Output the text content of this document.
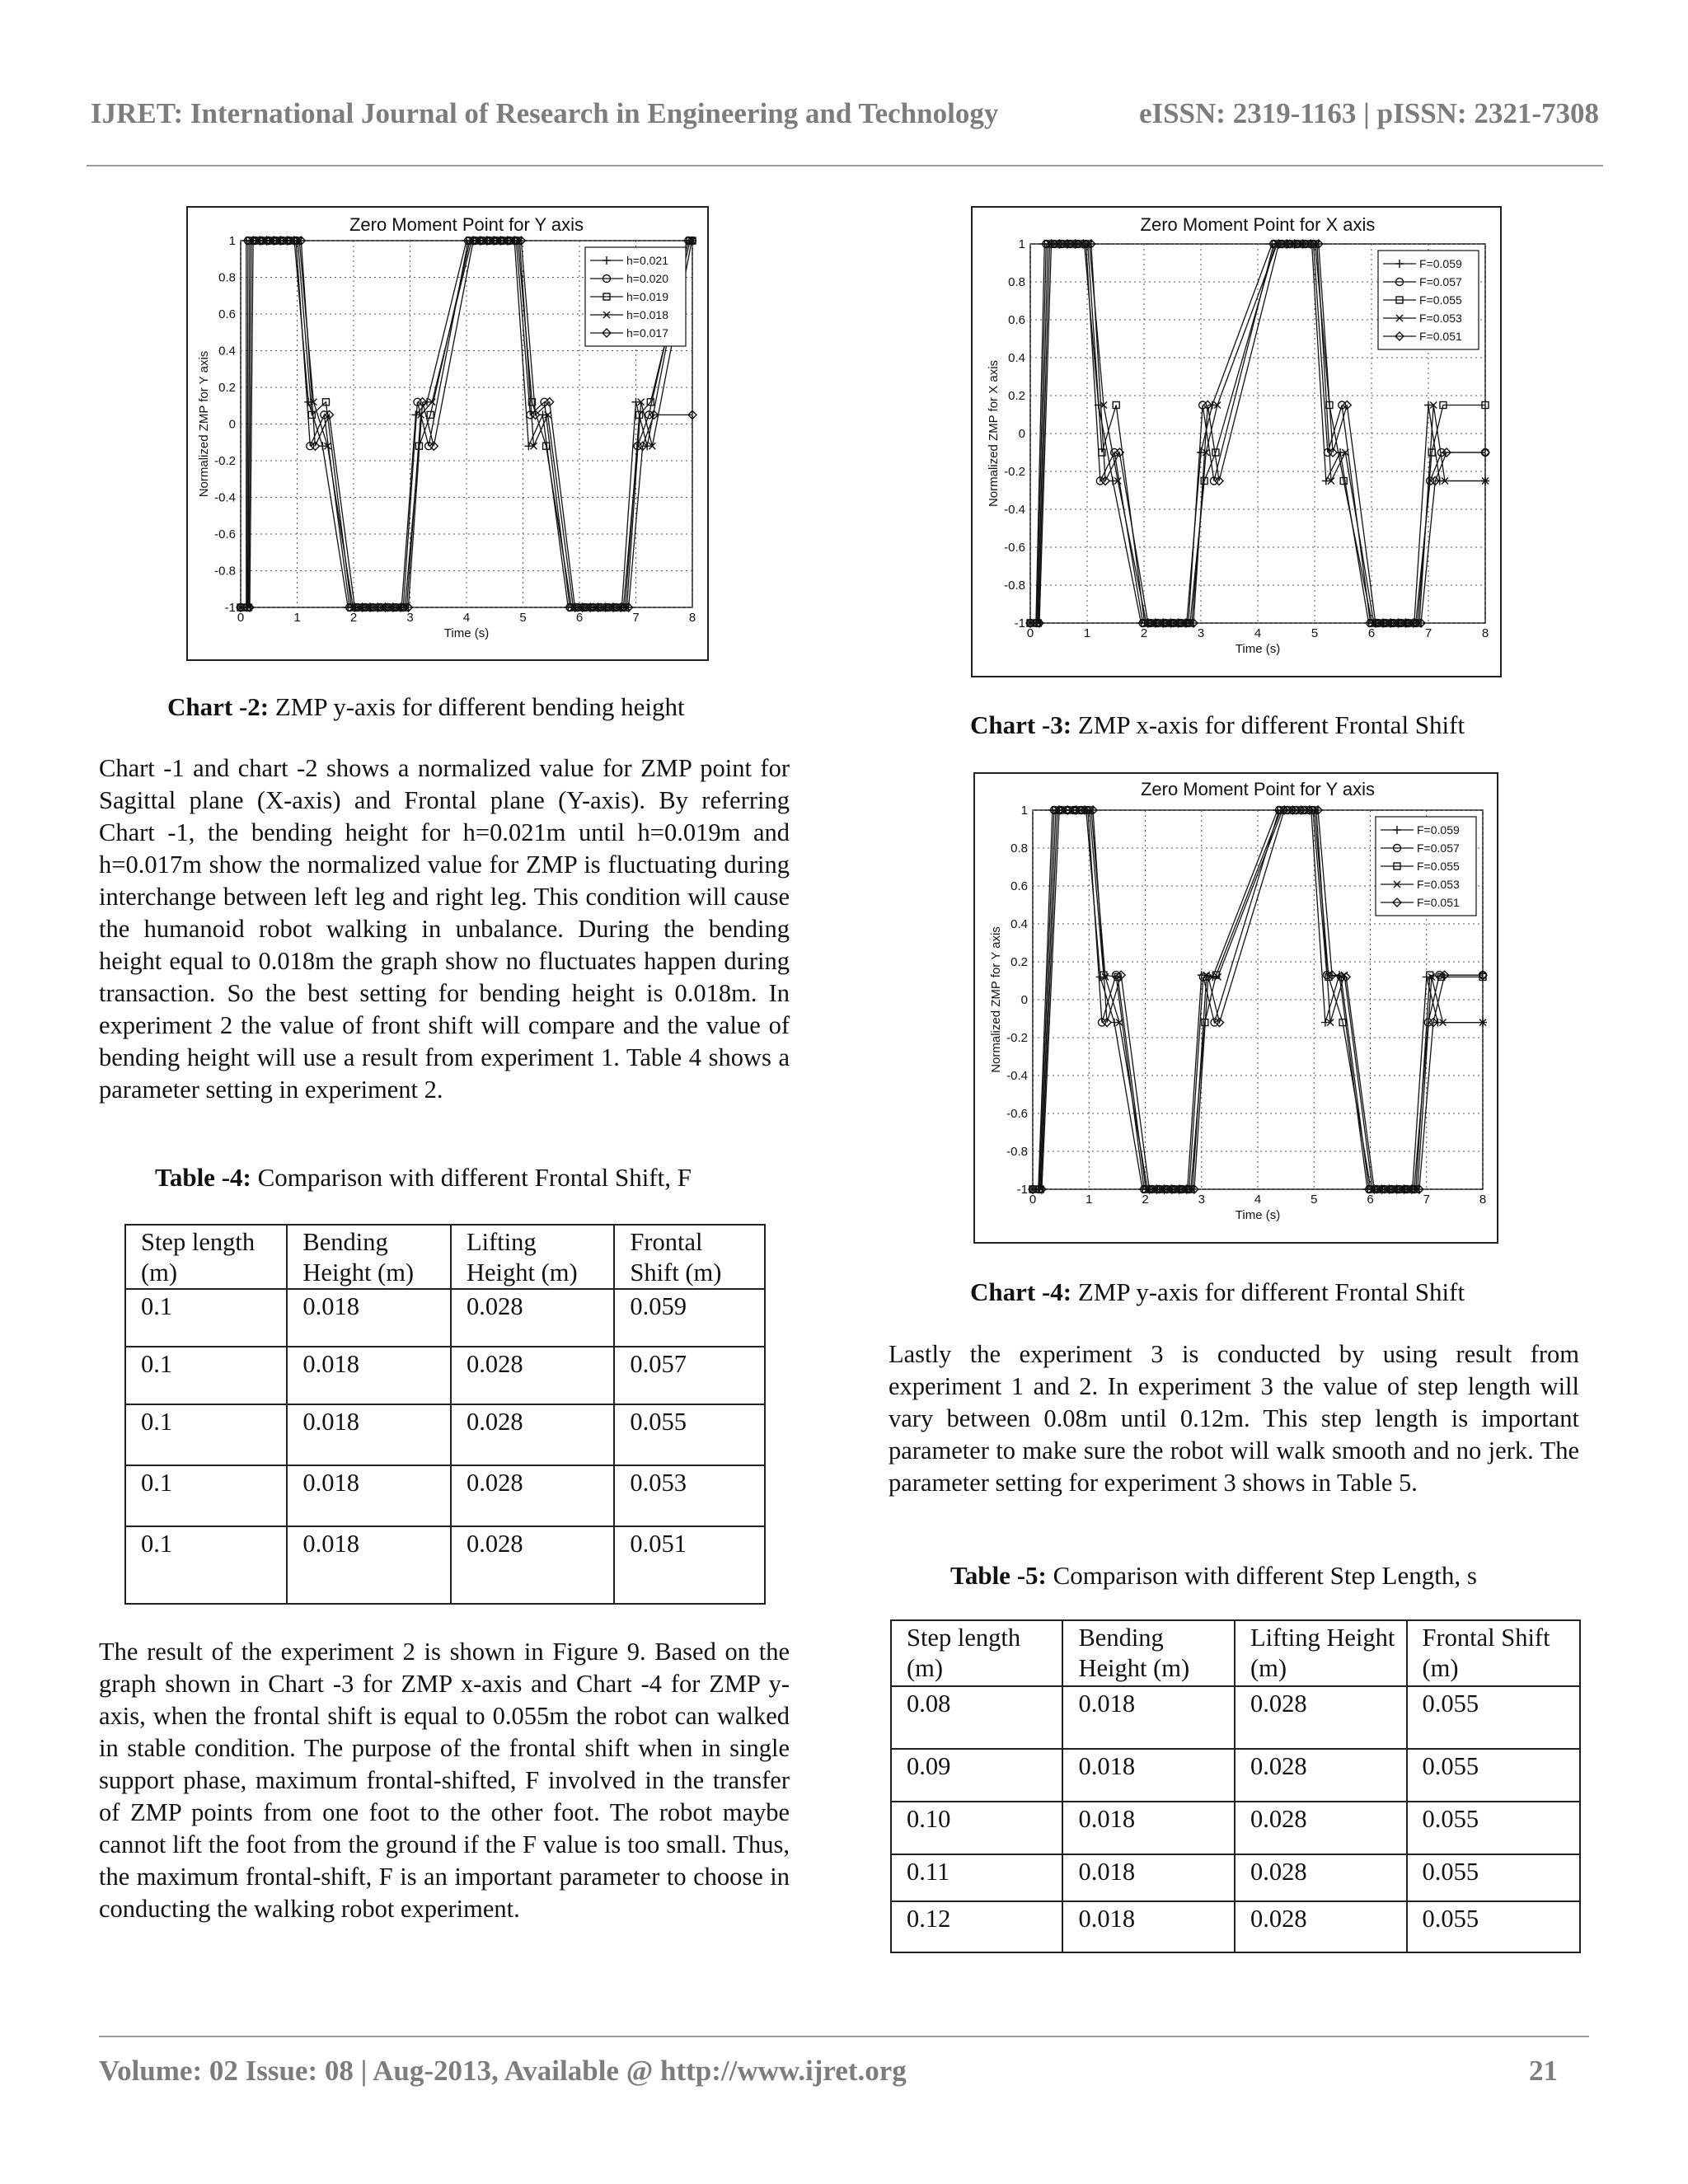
IJRET: International Journal of Research in Engineering and Technology	eISSN: 2319-1163 | pISSN: 2321-7308
Zero Moment Point for Y axis
0	1	2	3	4	5	6	7	8
-1
-0.8
-0.6
-0.4
-0.2
0
0.2
0.4
0.6
0.8
1
Time (s)
Normalized ZMP for Y axis
h=0.021
h=0.020
h=0.019
h=0.018
h=0.017
Chart -2: ZMP y-axis for different bending height
Zero Moment Point for X axis
0	1	2	3	4	5	6	7	8
-1
-0.8
-0.6
-0.4
-0.2
0
0.2
0.4
0.6
0.8
1
Time (s)
Normalized ZMP for X axis
F=0.059
F=0.057
F=0.055
F=0.053
F=0.051
Chart -3: ZMP x-axis for different Frontal Shift
Zero Moment Point for Y axis
0	1	2	3	4	5	6	7	8
-1
-0.8
-0.6
-0.4
-0.2
0
0.2
0.4
0.6
0.8
1
Time (s)
Normalized ZMP for Y axis
F=0.059
F=0.057
F=0.055
F=0.053
F=0.051
Chart -4: ZMP y-axis for different Frontal Shift
Chart -1 and chart -2 shows a normalized value for ZMP point for Sagittal plane (X-axis) and Frontal plane (Y-axis). By referring Chart -1, the bending height for h=0.021m until h=0.019m and h=0.017m show the normalized value for ZMP is fluctuating during interchange between left leg and right leg. This condition will cause the humanoid robot walking in unbalance. During the bending height equal to 0.018m the graph show no fluctuates happen during transaction. So the best setting for bending height is 0.018m. In experiment 2 the value of front shift will compare and the value of bending height will use a result from experiment 1. Table 4 shows a parameter setting in experiment 2.
Table -4: Comparison with different Frontal Shift, F
Step length (m)	Bending Height (m)	Lifting Height (m)	Frontal Shift (m)
0.1	0.018	0.028	0.059
0.1	0.018	0.028	0.057
0.1	0.018	0.028	0.055
0.1	0.018	0.028	0.053
0.1	0.018	0.028	0.051
The result of the experiment 2 is shown in Figure 9. Based on the graph shown in Chart -3 for ZMP x-axis and Chart -4 for ZMP y-axis, when the frontal shift is equal to 0.055m the robot can walked in stable condition. The purpose of the frontal shift when in single support phase, maximum frontal-shifted, F involved in the transfer of ZMP points from one foot to the other foot. The robot maybe cannot lift the foot from the ground if the F value is too small. Thus, the maximum frontal-shift, F is an important parameter to choose in conducting the walking robot experiment.
Lastly the experiment 3 is conducted by using result from experiment 1 and 2. In experiment 3 the value of step length will vary between 0.08m until 0.12m. This step length is important parameter to make sure the robot will walk smooth and no jerk. The parameter setting for experiment 3 shows in Table 5.
Table -5: Comparison with different Step Length, s
Step length (m)	Bending Height (m)	Lifting Height (m)	Frontal Shift (m)
0.08	0.018	0.028	0.055
0.09	0.018	0.028	0.055
0.10	0.018	0.028	0.055
0.11	0.018	0.028	0.055
0.12	0.018	0.028	0.055
Volume: 02 Issue: 08 | Aug-2013, Available @ http://www.ijret.org	21
